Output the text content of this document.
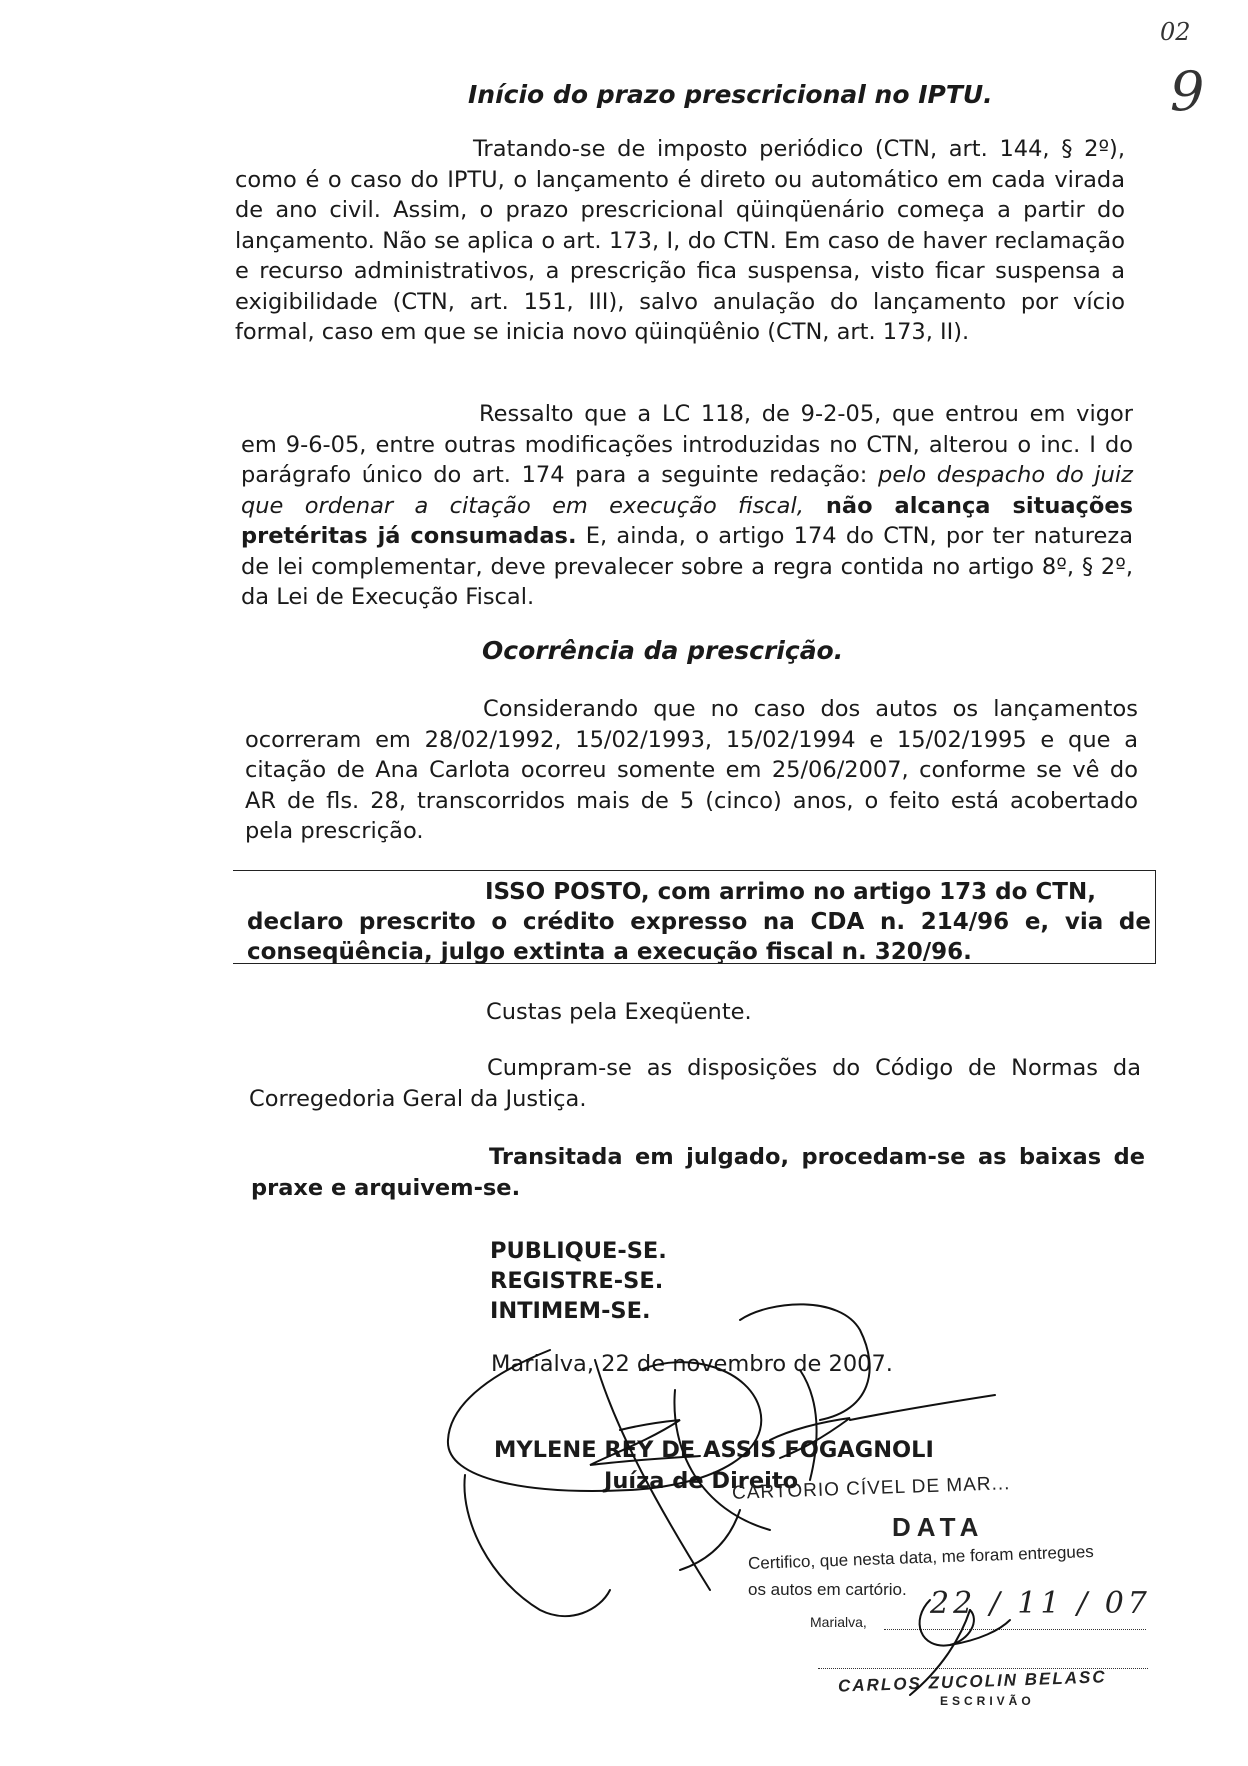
02
9
Início do prazo prescricional no IPTU.
Tratando-se de imposto periódico (CTN, art. 144, § 2º), como é o caso do IPTU, o lançamento é direto ou automático em cada virada de ano civil. Assim, o prazo prescricional qüinqüenário começa a partir do lançamento. Não se aplica o art. 173, I, do CTN. Em caso de haver reclamação e recurso administrativos, a prescrição fica suspensa, visto ficar suspensa a exigibilidade (CTN, art. 151, III), salvo anulação do lançamento por vício formal, caso em que se inicia novo qüinqüênio (CTN, art. 173, II).
Ressalto que a LC 118, de 9-2-05, que entrou em vigor em 9-6-05, entre outras modificações introduzidas no CTN, alterou o inc. I do parágrafo único do art. 174 para a seguinte redação: pelo despacho do juiz que ordenar a citação em execução fiscal, não alcança situações pretéritas já consumadas. E, ainda, o artigo 174 do CTN, por ter natureza de lei complementar, deve prevalecer sobre a regra contida no artigo 8º, § 2º, da Lei de Execução Fiscal.
Ocorrência da prescrição.
Considerando que no caso dos autos os lançamentos ocorreram em 28/02/1992, 15/02/1993, 15/02/1994 e 15/02/1995 e que a citação de Ana Carlota ocorreu somente em 25/06/2007, conforme se vê do AR de fls. 28, transcorridos mais de 5 (cinco) anos, o feito está acobertado pela prescrição.
ISSO POSTO, com arrimo no artigo 173 do CTN,
declaro prescrito o crédito expresso na CDA n. 214/96 e, via de conseqüência, julgo extinta a execução fiscal n. 320/96.
Custas pela Exeqüente.
Cumpram-se as disposições do Código de Normas da Corregedoria Geral da Justiça.
Transitada em julgado, procedam-se as baixas de praxe e arquivem-se.
PUBLIQUE-SE.
REGISTRE-SE.
INTIMEM-SE.
Marialva, 22 de novembro de 2007.
MYLENE REY DE ASSIS FOGAGNOLI
Juíza de Direito
CARTÓRIO CÍVEL DE MAR...
DATA
Certifico, que nesta data, me foram entregues
os autos em cartório.
Marialva,
22 / 11 / 07
CARLOS ZUCOLIN BELASC
ESCRIVÃO
